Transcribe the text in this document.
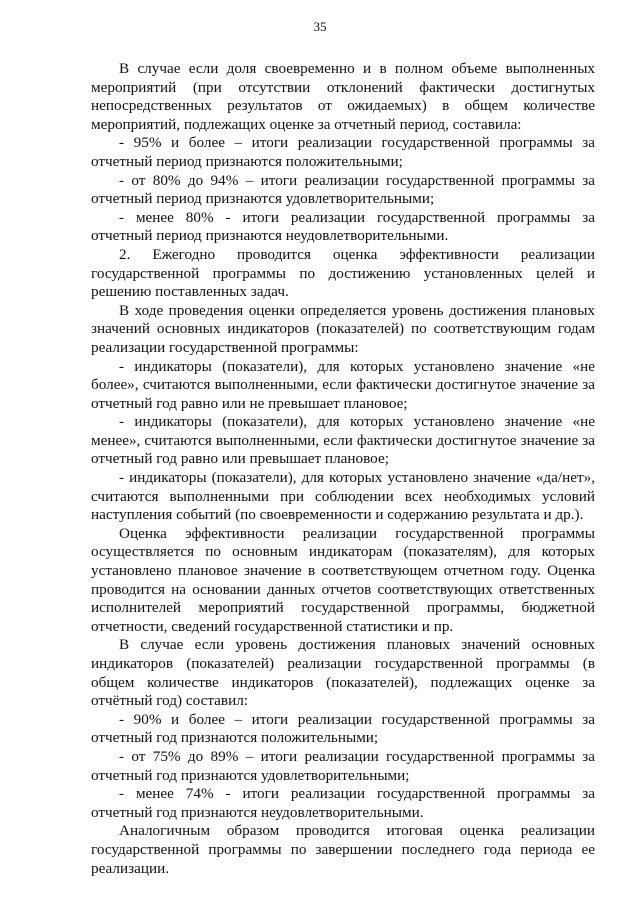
35

В случае если доля своевременно и в полном объеме выполненных мероприятий (при отсутствии отклонений фактически достигнутых непосредственных результатов от ожидаемых) в общем количестве мероприятий, подлежащих оценке за отчетный период, составила:

- 95% и более – итоги реализации государственной программы за отчетный период признаются положительными;

- от 80% до 94% – итоги реализации государственной программы за отчетный период признаются удовлетворительными;

- менее 80% - итоги реализации государственной программы за отчетный период признаются неудовлетворительными.

2. Ежегодно проводится оценка эффективности реализации государственной программы по достижению установленных целей и решению поставленных задач.

В ходе проведения оценки определяется уровень достижения плановых значений основных индикаторов (показателей) по соответствующим годам реализации государственной программы:

- индикаторы (показатели), для которых установлено значение «не более», считаются выполненными, если фактически достигнутое значение за отчетный год равно или не превышает плановое;

- индикаторы (показатели), для которых установлено значение «не менее», считаются выполненными, если фактически достигнутое значение за отчетный год равно или превышает плановое;

- индикаторы (показатели), для которых установлено значение «да/нет», считаются выполненными при соблюдении всех необходимых условий наступления событий (по своевременности и содержанию результата и др.).

Оценка эффективности реализации государственной программы осуществляется по основным индикаторам (показателям), для которых установлено плановое значение в соответствующем отчетном году. Оценка проводится на основании данных отчетов соответствующих ответственных исполнителей мероприятий государственной программы, бюджетной отчетности, сведений государственной статистики и пр.

В случае если уровень достижения плановых значений основных индикаторов (показателей) реализации государственной программы (в общем количестве индикаторов (показателей), подлежащих оценке за отчётный год) составил:

- 90% и более – итоги реализации государственной программы за отчетный год признаются положительными;

- от 75% до 89% – итоги реализации государственной программы за отчетный год признаются удовлетворительными;

- менее 74% - итоги реализации государственной программы за отчетный год признаются неудовлетворительными.

Аналогичным образом проводится итоговая оценка реализации государственной программы по завершении последнего года периода ее реализации.
